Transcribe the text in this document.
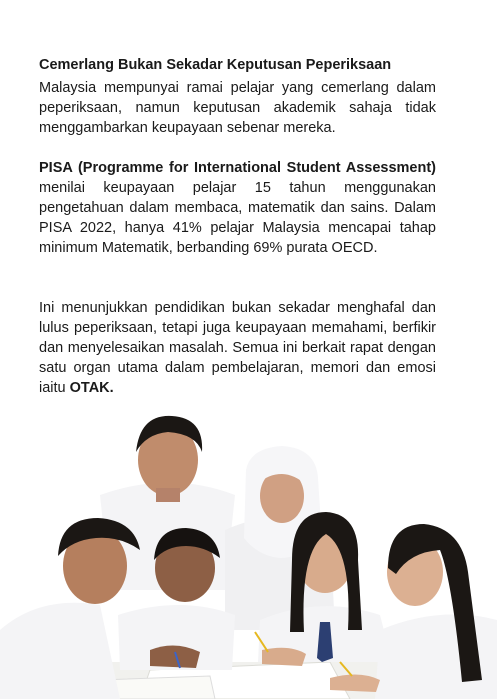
Cemerlang Bukan Sekadar Keputusan Peperiksaan
Malaysia mempunyai ramai pelajar yang cemerlang dalam peperiksaan, namun keputusan akademik sahaja tidak menggambarkan keupayaan sebenar mereka.
PISA (Programme for International Student Assessment) menilai keupayaan pelajar 15 tahun menggunakan pengetahuan dalam membaca, matematik dan sains. Dalam PISA 2022, hanya 41% pelajar Malaysia mencapai tahap minimum Matematik, berbanding 69% purata OECD.
Ini menunjukkan pendidikan bukan sekadar menghafal dan lulus peperiksaan, tetapi juga keupayaan memahami, berfikir dan menyelesaikan masalah. Semua ini berkait rapat dengan satu organ utama dalam pembelajaran, memori dan emosi iaitu OTAK.
